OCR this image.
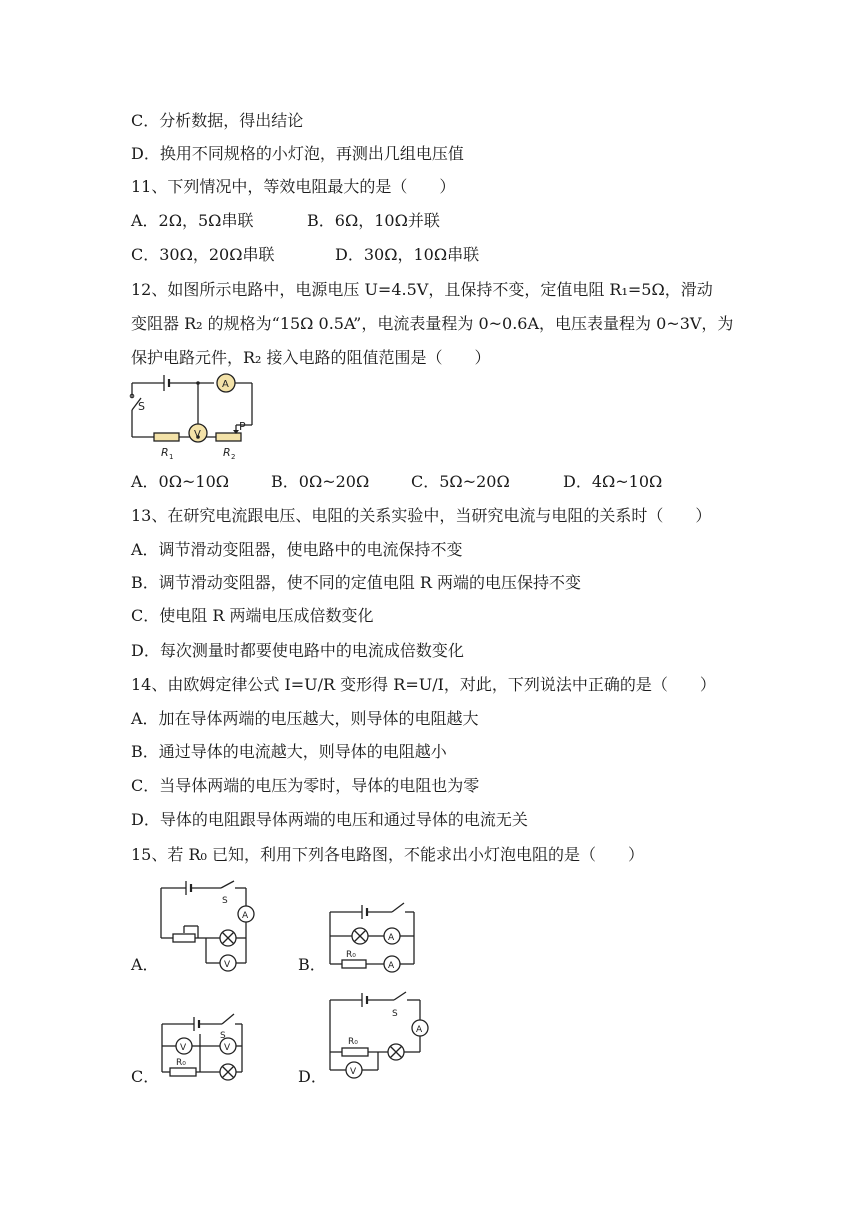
C．分析数据，得出结论
D．换用不同规格的小灯泡，再测出几组电压值
11、下列情况中，等效电阻最大的是（　　）
A．2Ω，5Ω串联	B．6Ω，10Ω并联
C．30Ω，20Ω串联	D．30Ω，10Ω串联
12、如图所示电路中，电源电压 U=4.5V，且保持不变，定值电阻 R₁=5Ω，滑动
变阻器 R₂ 的规格为“15Ω 0.5A”，电流表量程为 0~0.6A，电压表量程为 0~3V，为
保护电路元件，R₂ 接入电路的阻值范围是（　　）
A
V
S
P
R 1	R 2
A．0Ω~10Ω	B．0Ω~20Ω	C．5Ω~20Ω	D．4Ω~10Ω
13、在研究电流跟电压、电阻的关系实验中，当研究电流与电阻的关系时（　　）
A．调节滑动变阻器，使电路中的电流保持不变
B．调节滑动变阻器，使不同的定值电阻 R 两端的电压保持不变
C．使电阻 R 两端电压成倍数变化
D．每次测量时都要使电路中的电流成倍数变化
14、由欧姆定律公式 I=U/R 变形得 R=U/I，对此，下列说法中正确的是（　　）
A．加在导体两端的电压越大，则导体的电阻越大
B．通过导体的电流越大，则导体的电阻越小
C．当导体两端的电压为零时，导体的电阻也为零
D．导体的电阻跟导体两端的电压和通过导体的电流无关
15、若 R₀ 已知，利用下列各电路图，不能求出小灯泡电阻的是（　　）
A．
S
A
V	B．
A
A
R₀
C．
S
V	V
R₀
D．
S
A
V
R₀
